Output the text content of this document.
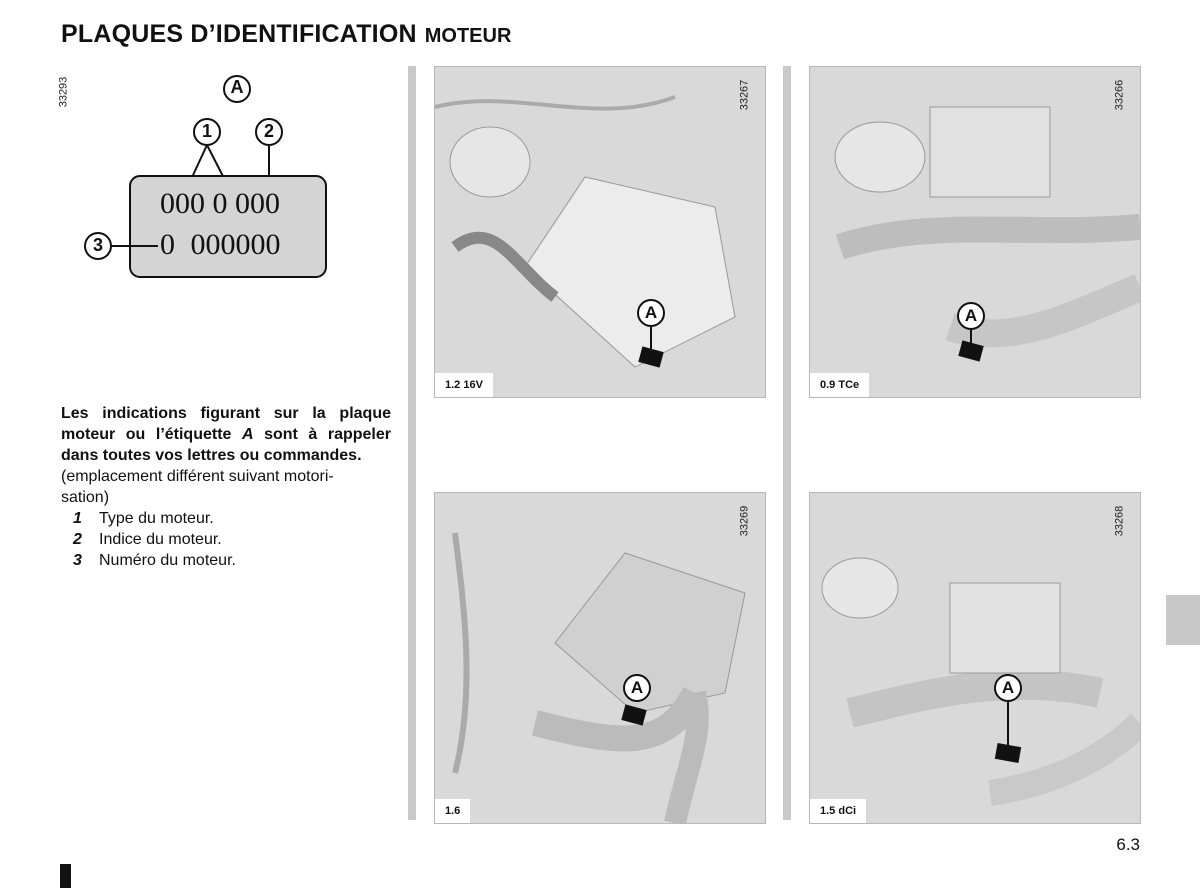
PLAQUES D’IDENTIFICATION MOTEUR
33293	A
1	2
3
000 0 000
0 000000
A
33267
1.2 16V
A
33266
0.9 TCe
A
33269
1.6
A
33268
1.5 dCi
Les indications figurant sur la plaque moteur ou l’étiquette A sont à rappeler dans toutes vos lettres ou commandes.
(emplacement différent suivant motori-
sation)
1 Type du moteur.
2 Indice du moteur.
3 Numéro du moteur.
6.3
